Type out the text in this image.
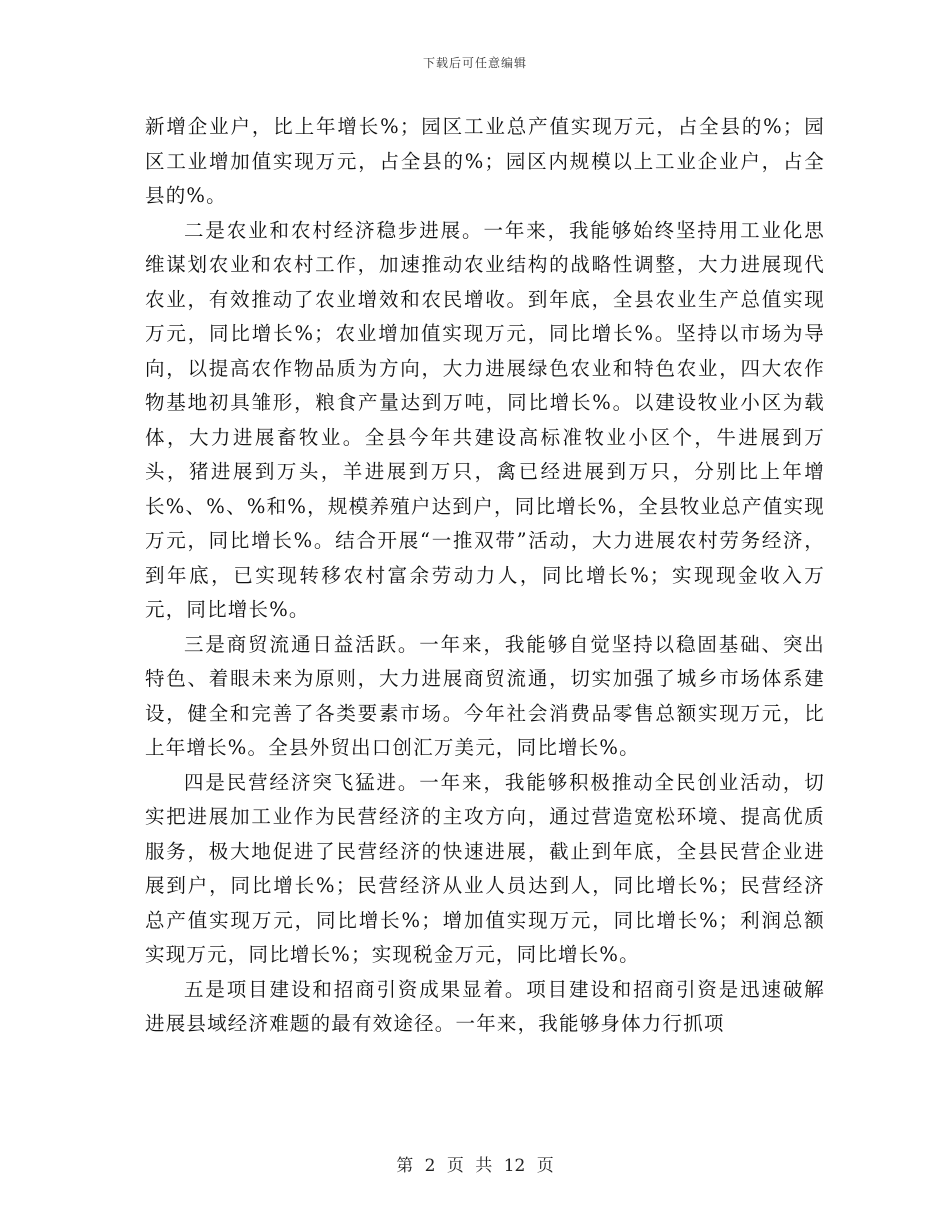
下载后可任意编辑

新增企业户，比上年增长%；园区工业总产值实现万元，占全县的%；园区工业增加值实现万元，占全县的%；园区内规模以上工业企业户，占全县的%。

二是农业和农村经济稳步进展。一年来，我能够始终坚持用工业化思维谋划农业和农村工作，加速推动农业结构的战略性调整，大力进展现代农业，有效推动了农业增效和农民增收。到年底，全县农业生产总值实现万元，同比增长%；农业增加值实现万元，同比增长%。坚持以市场为导向，以提高农作物品质为方向，大力进展绿色农业和特色农业，四大农作物基地初具雏形，粮食产量达到万吨，同比增长%。以建设牧业小区为载体，大力进展畜牧业。全县今年共建设高标准牧业小区个，牛进展到万头，猪进展到万头，羊进展到万只，禽已经进展到万只，分别比上年增长%、%、%和%，规模养殖户达到户，同比增长%，全县牧业总产值实现万元，同比增长%。结合开展“一推双带”活动，大力进展农村劳务经济，到年底，已实现转移农村富余劳动力人，同比增长%；实现现金收入万元，同比增长%。

三是商贸流通日益活跃。一年来，我能够自觉坚持以稳固基础、突出特色、着眼未来为原则，大力进展商贸流通，切实加强了城乡市场体系建设，健全和完善了各类要素市场。今年社会消费品零售总额实现万元，比上年增长%。全县外贸出口创汇万美元，同比增长%。

四是民营经济突飞猛进。一年来，我能够积极推动全民创业活动，切实把进展加工业作为民营经济的主攻方向，通过营造宽松环境、提高优质服务，极大地促进了民营经济的快速进展，截止到年底，全县民营企业进展到户，同比增长%；民营经济从业人员达到人，同比增长%；民营经济总产值实现万元，同比增长%；增加值实现万元，同比增长%；利润总额实现万元，同比增长%；实现税金万元，同比增长%。

五是项目建设和招商引资成果显着。项目建设和招商引资是迅速破解进展县域经济难题的最有效途径。一年来，我能够身体力行抓项

第 2 页 共 12 页
